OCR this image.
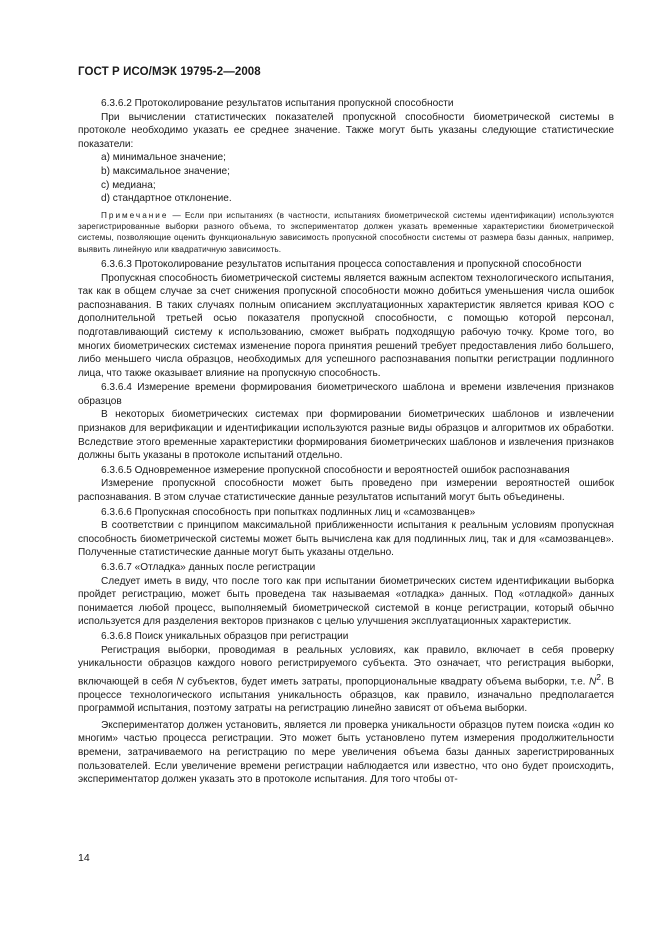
ГОСТ Р ИСО/МЭК 19795-2—2008

6.3.6.2 Протоколирование результатов испытания пропускной способности

При вычислении статистических показателей пропускной способности биометрической системы в протоколе необходимо указать ее среднее значение. Также могут быть указаны следующие статистические показатели:

a) минимальное значение;

b) максимальное значение;

c) медиана;

d) стандартное отклонение.

Примечание — Если при испытаниях (в частности, испытаниях биометрической системы идентификации) используются зарегистрированные выборки разного объема, то экспериментатор должен указать временные характеристики биометрической системы, позволяющие оценить функциональную зависимость пропускной способности системы от размера базы данных, например, выявить линейную или квадратичную зависимость.

6.3.6.3 Протоколирование результатов испытания процесса сопоставления и пропускной способности

Пропускная способность биометрической системы является важным аспектом технологического испытания, так как в общем случае за счет снижения пропускной способности можно добиться уменьшения числа ошибок распознавания. В таких случаях полным описанием эксплуатационных характеристик является кривая КОО с дополнительной третьей осью показателя пропускной способности, с помощью которой персонал, подготавливающий систему к использованию, сможет выбрать подходящую рабочую точку. Кроме того, во многих биометрических системах изменение порога принятия решений требует предоставления либо большего, либо меньшего числа образцов, необходимых для успешного распознавания попытки регистрации подлинного лица, что также оказывает влияние на пропускную способность.

6.3.6.4 Измерение времени формирования биометрического шаблона и времени извлечения признаков образцов

В некоторых биометрических системах при формировании биометрических шаблонов и извлечении признаков для верификации и идентификации используются разные виды образцов и алгоритмов их обработки. Вследствие этого временные характеристики формирования биометрических шаблонов и извлечения признаков должны быть указаны в протоколе испытаний отдельно.

6.3.6.5 Одновременное измерение пропускной способности и вероятностей ошибок распознавания

Измерение пропускной способности может быть проведено при измерении вероятностей ошибок распознавания. В этом случае статистические данные результатов испытаний могут быть объединены.

6.3.6.6 Пропускная способность при попытках подлинных лиц и «самозванцев»

В соответствии с принципом максимальной приближенности испытания к реальным условиям пропускная способность биометрической системы может быть вычислена как для подлинных лиц, так и для «самозванцев». Полученные статистические данные могут быть указаны отдельно.

6.3.6.7 «Отладка» данных после регистрации

Следует иметь в виду, что после того как при испытании биометрических систем идентификации выборка пройдет регистрацию, может быть проведена так называемая «отладка» данных. Под «отладкой» данных понимается любой процесс, выполняемый биометрической системой в конце регистрации, который обычно используется для разделения векторов признаков с целью улучшения эксплуатационных характеристик.

6.3.6.8 Поиск уникальных образцов при регистрации

Регистрация выборки, проводимая в реальных условиях, как правило, включает в себя проверку уникальности образцов каждого нового регистрируемого субъекта. Это означает, что регистрация выборки, включающей в себя N субъектов, будет иметь затраты, пропорциональные квадрату объема выборки, т.е. $N^2$. В процессе технологического испытания уникальность образцов, как правило, изначально предполагается программой испытания, поэтому затраты на регистрацию линейно зависят от объема выборки.

Экспериментатор должен установить, является ли проверка уникальности образцов путем поиска «один ко многим» частью процесса регистрации. Это может быть установлено путем измерения продолжительности времени, затрачиваемого на регистрацию по мере увеличения объема базы данных зарегистрированных пользователей. Если увеличение времени регистрации наблюдается или известно, что оно будет происходить, экспериментатор должен указать это в протоколе испытания. Для того чтобы от-

14
